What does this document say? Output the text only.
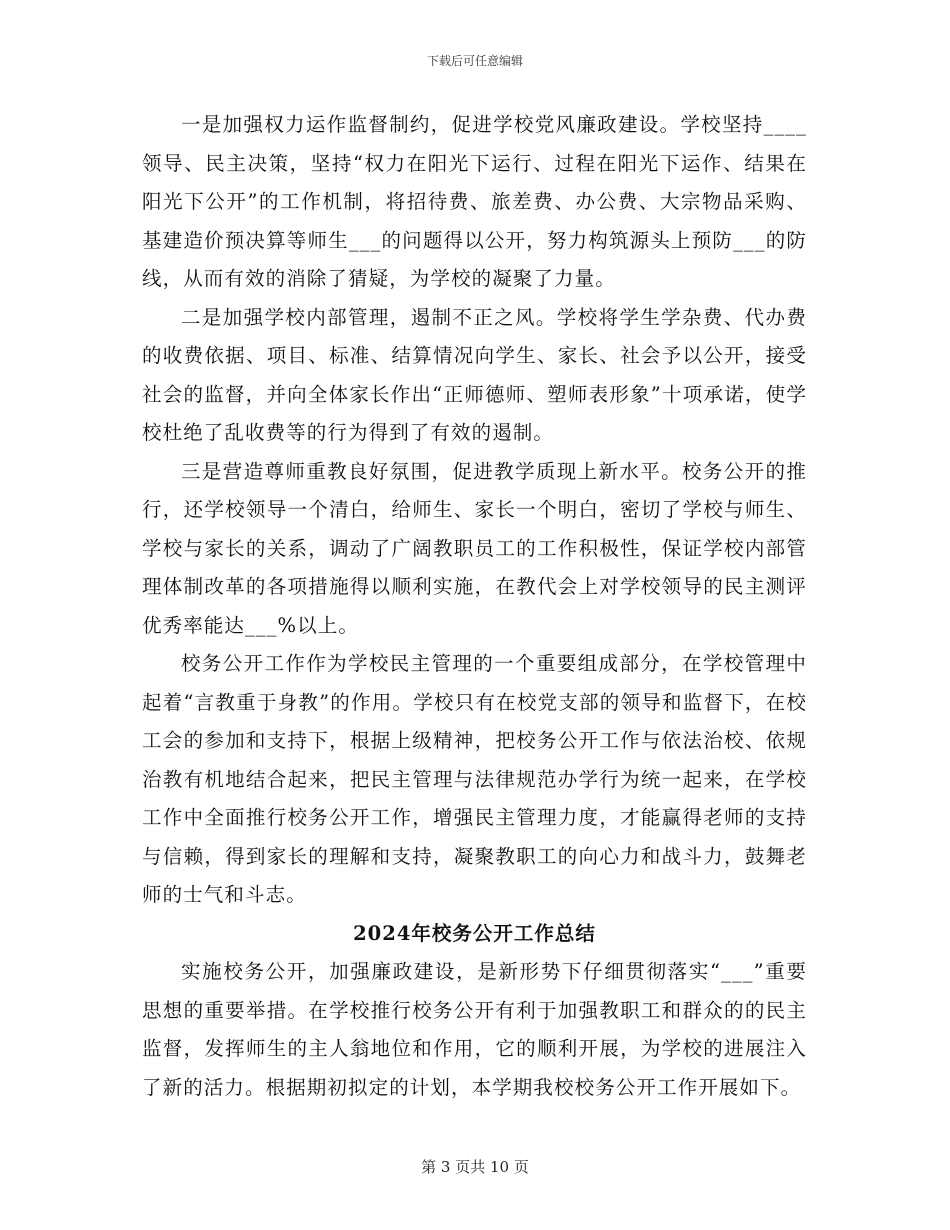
下载后可任意编辑

一是加强权力运作监督制约，促进学校党风廉政建设。学校坚持____领导、民主决策，坚持“权力在阳光下运行、过程在阳光下运作、结果在阳光下公开”的工作机制，将招待费、旅差费、办公费、大宗物品采购、基建造价预决算等师生___的问题得以公开，努力构筑源头上预防___的防线，从而有效的消除了猜疑，为学校的凝聚了力量。

二是加强学校内部管理，遏制不正之风。学校将学生学杂费、代办费的收费依据、项目、标准、结算情况向学生、家长、社会予以公开，接受社会的监督，并向全体家长作出“正师德师、塑师表形象”十项承诺，使学校杜绝了乱收费等的行为得到了有效的遏制。

三是营造尊师重教良好氛围，促进教学质现上新水平。校务公开的推行，还学校领导一个清白，给师生、家长一个明白，密切了学校与师生、学校与家长的关系，调动了广阔教职员工的工作积极性，保证学校内部管理体制改革的各项措施得以顺利实施，在教代会上对学校领导的民主测评优秀率能达___%以上。

校务公开工作作为学校民主管理的一个重要组成部分，在学校管理中起着“言教重于身教”的作用。学校只有在校党支部的领导和监督下，在校工会的参加和支持下，根据上级精神，把校务公开工作与依法治校、依规治教有机地结合起来，把民主管理与法律规范办学行为统一起来，在学校工作中全面推行校务公开工作，增强民主管理力度，才能赢得老师的支持与信赖，得到家长的理解和支持，凝聚教职工的向心力和战斗力，鼓舞老师的士气和斗志。

2024年校务公开工作总结

实施校务公开，加强廉政建设，是新形势下仔细贯彻落实“___”重要思想的重要举措。在学校推行校务公开有利于加强教职工和群众的的民主监督，发挥师生的主人翁地位和作用，它的顺利开展，为学校的进展注入了新的活力。根据期初拟定的计划，本学期我校校务公开工作开展如下。

第 3 页共 10 页
